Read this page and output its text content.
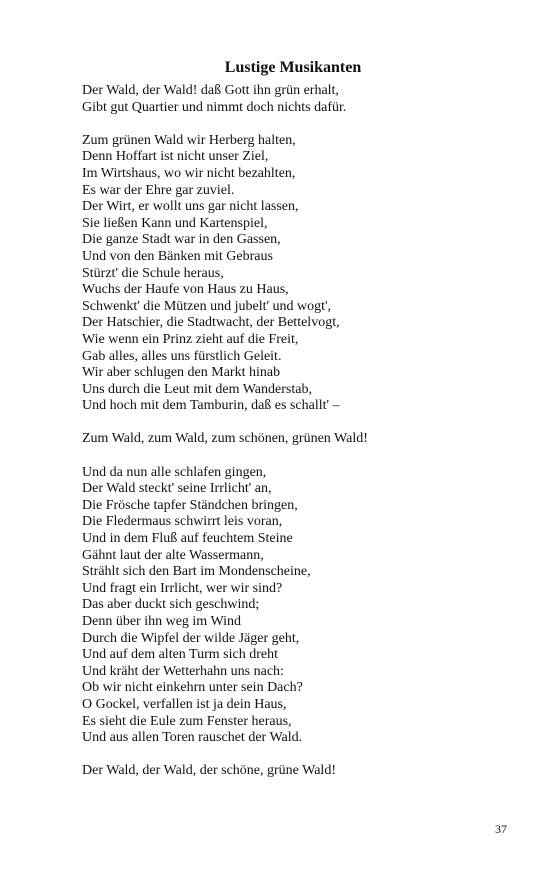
Lustige Musikanten
Der Wald, der Wald! daß Gott ihn grün erhalt,
Gibt gut Quartier und nimmt doch nichts dafür.
Zum grünen Wald wir Herberg halten,
Denn Hoffart ist nicht unser Ziel,
Im Wirtshaus, wo wir nicht bezahlten,
Es war der Ehre gar zuviel.
Der Wirt, er wollt uns gar nicht lassen,
Sie ließen Kann und Kartenspiel,
Die ganze Stadt war in den Gassen,
Und von den Bänken mit Gebraus
Stürzt' die Schule heraus,
Wuchs der Haufe von Haus zu Haus,
Schwenkt' die Mützen und jubelt' und wogt',
Der Hatschier, die Stadtwacht, der Bettelvogt,
Wie wenn ein Prinz zieht auf die Freit,
Gab alles, alles uns fürstlich Geleit.
Wir aber schlugen den Markt hinab
Uns durch die Leut mit dem Wanderstab,
Und hoch mit dem Tamburin, daß es schallt' –
Zum Wald, zum Wald, zum schönen, grünen Wald!
Und da nun alle schlafen gingen,
Der Wald steckt' seine Irrlicht' an,
Die Frösche tapfer Ständchen bringen,
Die Fledermaus schwirrt leis voran,
Und in dem Fluß auf feuchtem Steine
Gähnt laut der alte Wassermann,
Strählt sich den Bart im Mondenscheine,
Und fragt ein Irrlicht, wer wir sind?
Das aber duckt sich geschwind;
Denn über ihn weg im Wind
Durch die Wipfel der wilde Jäger geht,
Und auf dem alten Turm sich dreht
Und kräht der Wetterhahn uns nach:
Ob wir nicht einkehrn unter sein Dach?
O Gockel, verfallen ist ja dein Haus,
Es sieht die Eule zum Fenster heraus,
Und aus allen Toren rauschet der Wald.
Der Wald, der Wald, der schöne, grüne Wald!
37
